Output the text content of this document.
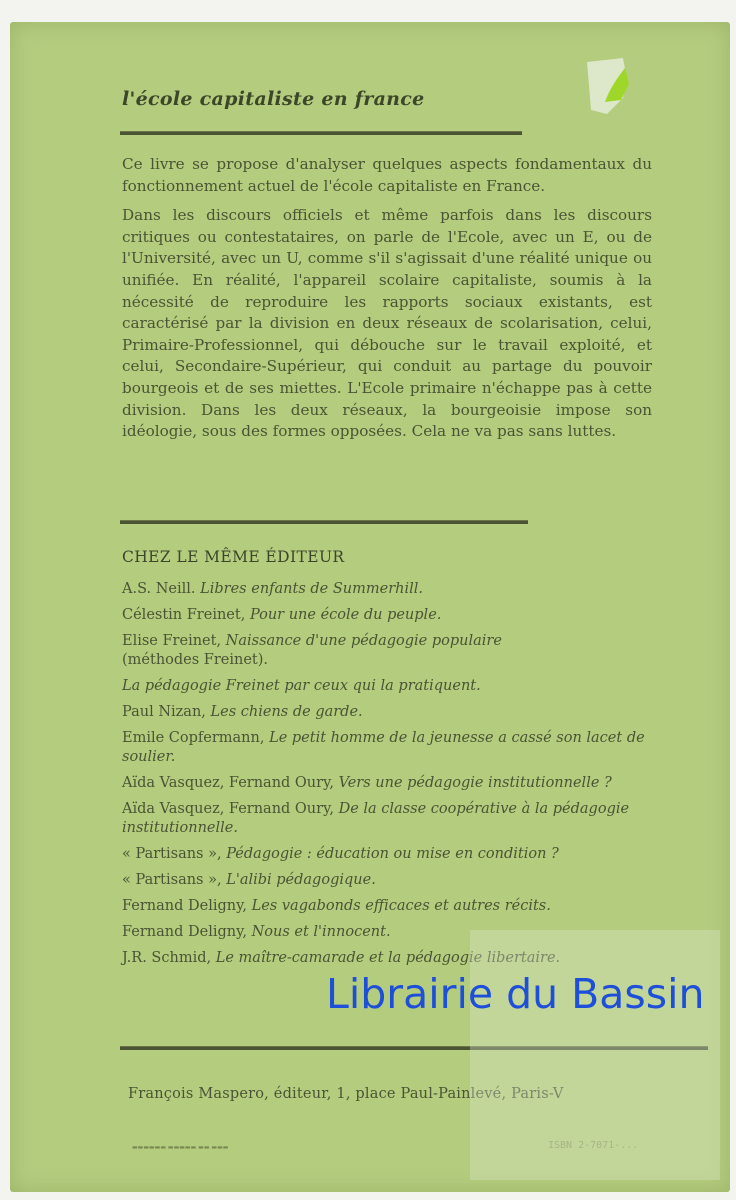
l'école capitaliste en france

Ce livre se propose d'analyser quelques aspects fondamentaux du fonctionnement actuel de l'école capitaliste en France.

Dans les discours officiels et même parfois dans les discours critiques ou contestataires, on parle de l'Ecole, avec un E, ou de l'Université, avec un U, comme s'il s'agissait d'une réalité unique ou unifiée. En réalité, l'appareil scolaire capitaliste, soumis à la nécessité de reproduire les rapports sociaux existants, est caractérisé par la division en deux réseaux de scolarisation, celui, Primaire-Professionnel, qui débouche sur le travail exploité, et celui, Secondaire-Supérieur, qui conduit au partage du pouvoir bourgeois et de ses miettes. L'Ecole primaire n'échappe pas à cette division. Dans les deux réseaux, la bourgeoisie impose son idéologie, sous des formes opposées. Cela ne va pas sans luttes.

CHEZ LE MÊME ÉDITEUR
A.S. Neill. Libres enfants de Summerhill.
Célestin Freinet, Pour une école du peuple.
Elise Freinet, Naissance d'une pédagogie populaire
(méthodes Freinet).
La pédagogie Freinet par ceux qui la pratiquent.
Paul Nizan, Les chiens de garde.
Emile Copfermann, Le petit homme de la jeunesse a cassé son lacet de soulier.
Aïda Vasquez, Fernand Oury, Vers une pédagogie institutionnelle ?
Aïda Vasquez, Fernand Oury, De la classe coopérative à la pédagogie institutionnelle.
« Partisans », Pédagogie : éducation ou mise en condition ?
« Partisans », L'alibi pédagogique.
Fernand Deligny, Les vagabonds efficaces et autres récits.
Fernand Deligny, Nous et l'innocent.
J.R. Schmid, Le maître-camarade et la pédagogie libertaire.
François Maspero, éditeur, 1, place Paul-Painlevé, Paris-V
ISBN 2-7071-...
▬▬▬▬▬▬ ▬▬▬▬▬ ▬▬ ▬▬▬
Librairie du Bassin
